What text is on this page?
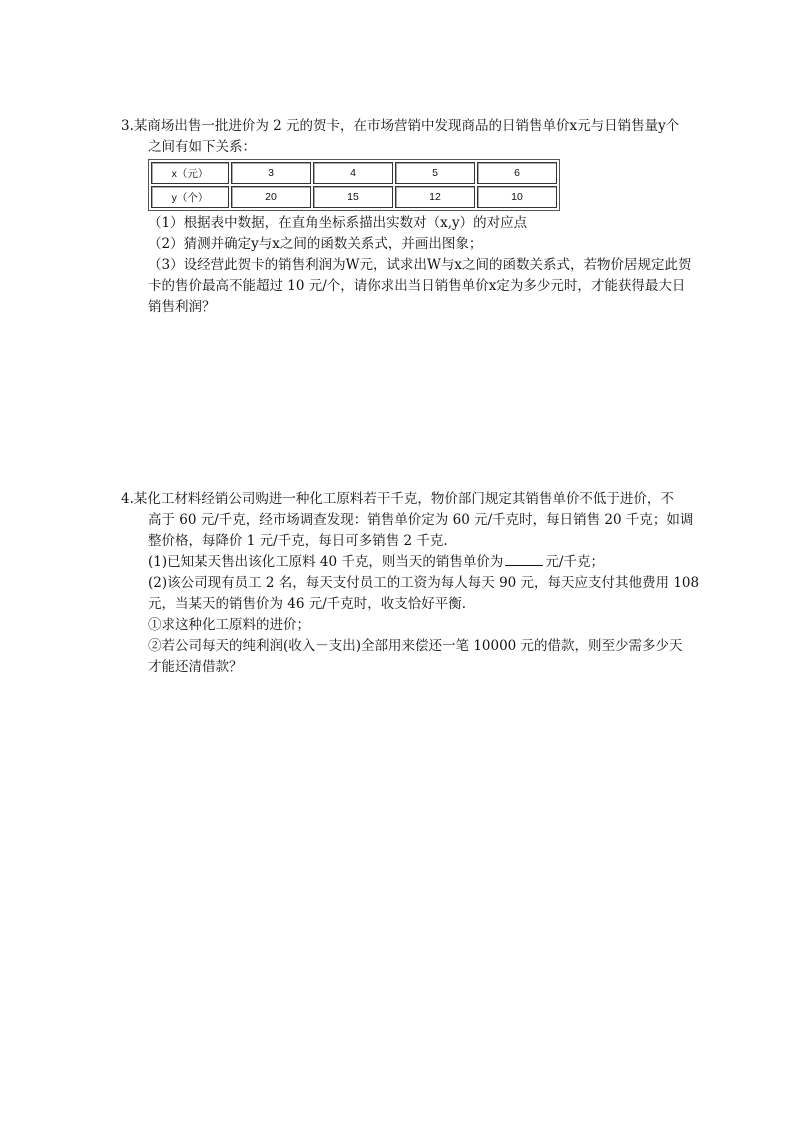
3.某商场出售一批进价为 2 元的贺卡，在市场营销中发现商品的日销售单价x元与日销售量y个
之间有如下关系：
x（元）	3	4	5	6
y（个）	20	15	12	10
（1）根据表中数据，在直角坐标系描出实数对（x,y）的对应点
（2）猜测并确定y与x之间的函数关系式，并画出图象；
（3）设经营此贺卡的销售利润为W元，试求出W与x之间的函数关系式，若物价居规定此贺
卡的售价最高不能超过 10 元/个，请你求出当日销售单价x定为多少元时，才能获得最大日
销售利润？
4.某化工材料经销公司购进一种化工原料若干千克，物价部门规定其销售单价不低于进价，不
高于 60 元/千克，经市场调查发现：销售单价定为 60 元/千克时，每日销售 20 千克；如调
整价格，每降价 1 元/千克，每日可多销售 2 千克.
(1)已知某天售出该化工原料 40 千克，则当天的销售单价为	元/千克；
(2)该公司现有员工 2 名，每天支付员工的工资为每人每天 90 元，每天应支付其他费用 108
元，当某天的销售价为 46 元/千克时，收支恰好平衡.
①求这种化工原料的进价；
②若公司每天的纯利润(收入－支出)全部用来偿还一笔 10000 元的借款，则至少需多少天
才能还清借款？
